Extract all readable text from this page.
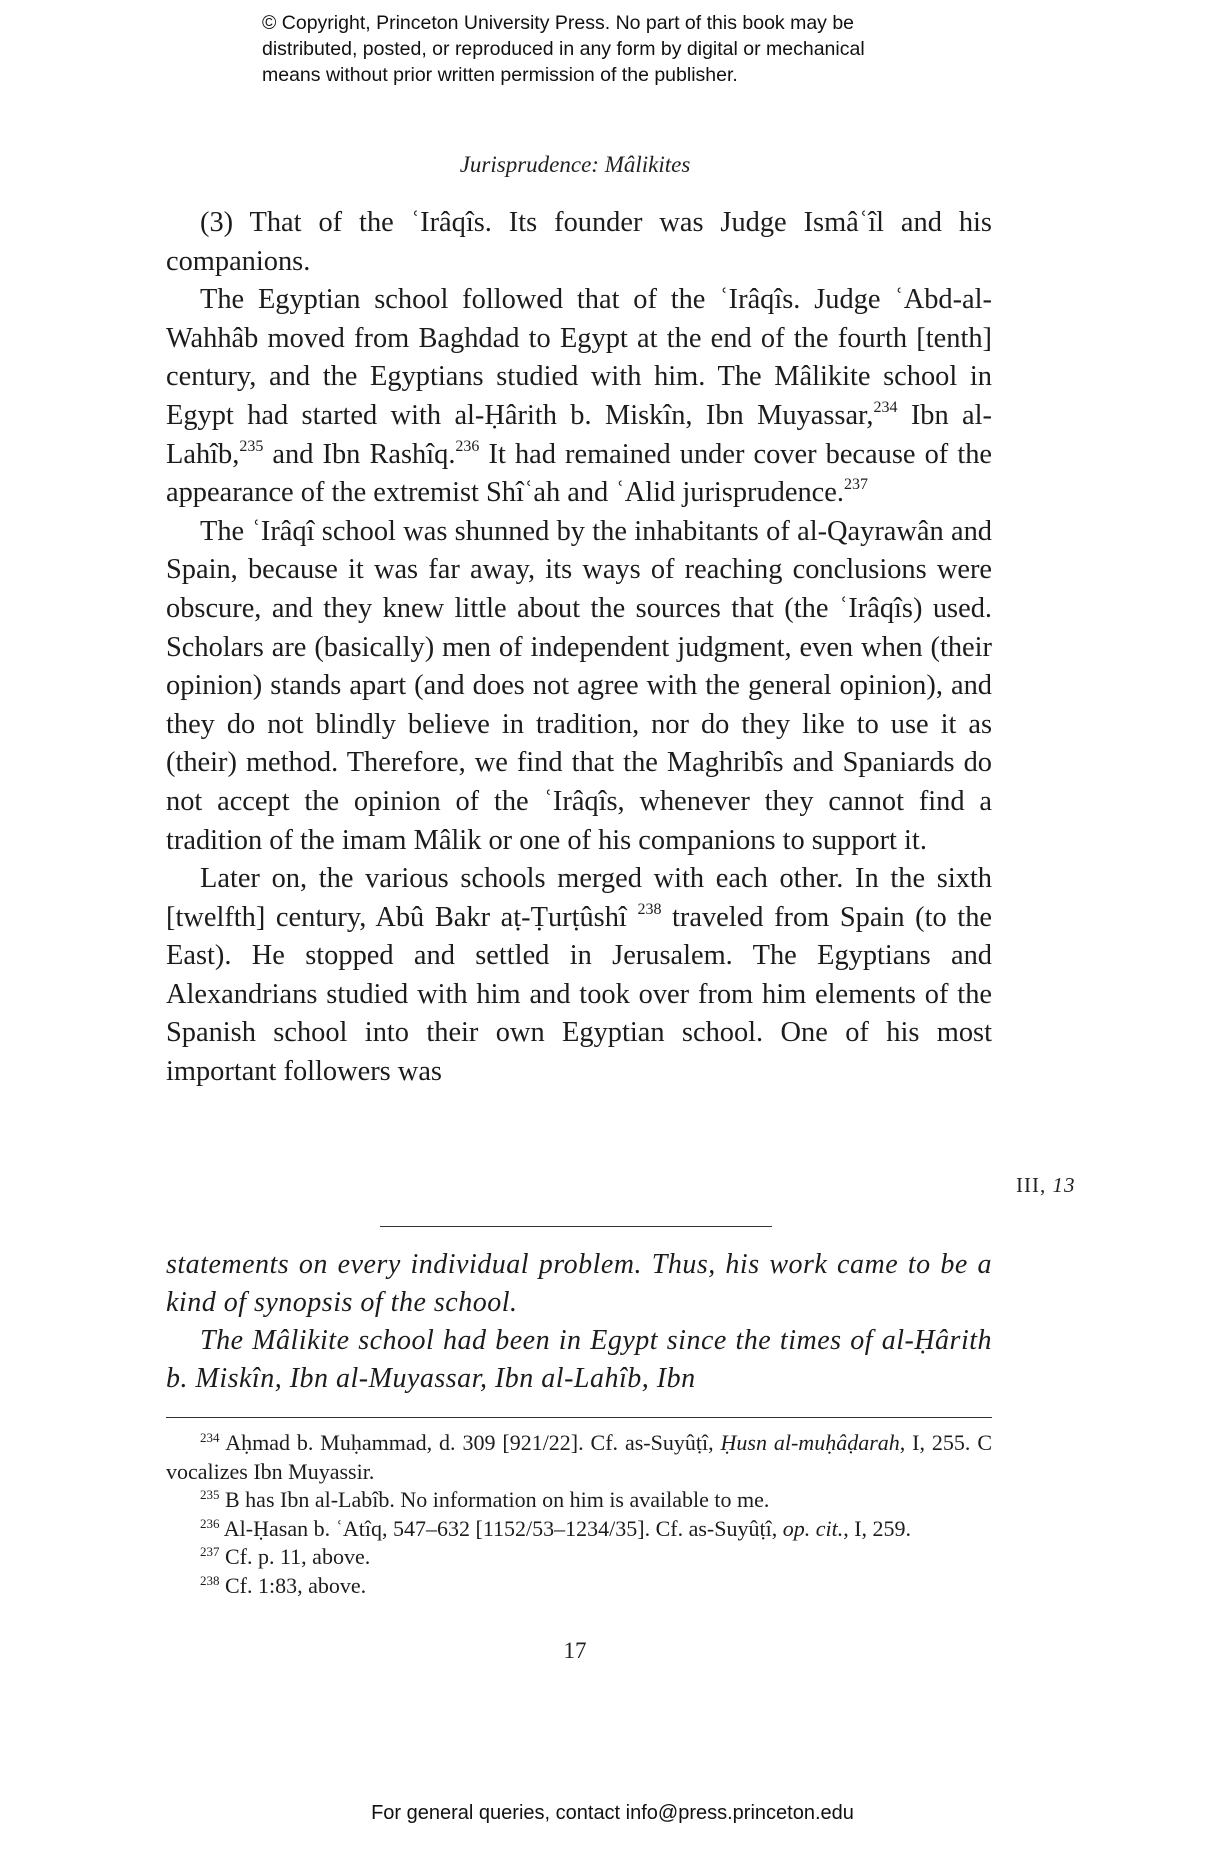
© Copyright, Princeton University Press. No part of this book may be

distributed, posted, or reproduced in any form by digital or mechanical

means without prior written permission of the publisher.

Jurisprudence: Mâlikites

(3) That of the ʿIrâqîs. Its founder was Judge Ismâʿîl and his companions.

The Egyptian school followed that of the ʿIrâqîs. Judge ʿAbd-al-Wahhâb moved from Baghdad to Egypt at the end of the fourth [tenth] century, and the Egyptians studied with him. The Mâlikite school in Egypt had started with al-Ḥârith b. Miskîn, Ibn Muyassar,$^{234}$ Ibn al-Lahîb,$^{235}$ and Ibn Rashîq.$^{236}$ It had remained under cover because of the appearance of the extremist Shîʿah and ʿAlid jurisprudence.$^{237}$

The ʿIrâqî school was shunned by the inhabitants of al-Qayrawân and Spain, because it was far away, its ways of reaching conclusions were obscure, and they knew little about the sources that (the ʿIrâqîs) used. Scholars are (basically) men of independent judgment, even when (their opinion) stands apart (and does not agree with the general opinion), and they do not blindly believe in tradition, nor do they like to use it as (their) method. Therefore, we find that the Maghribîs and Spaniards do not accept the opinion of the ʿIrâqîs, whenever they cannot find a tradition of the imam Mâlik or one of his companions to support it.

Later on, the various schools merged with each other. In the sixth [twelfth] century, Abû Bakr aṭ-Ṭurṭûshî $^{238}$ traveled from Spain (to the East). He stopped and settled in Jerusalem. The Egyptians and Alexandrians studied with him and took over from him elements of the Spanish school into their own Egyptian school. One of his most important followers was

III, 13

statements on every individual problem. Thus, his work came to be a kind of synopsis of the school.

The Mâlikite school had been in Egypt since the times of al-Ḥârith b. Miskîn, Ibn al-Muyassar, Ibn al-Lahîb, Ibn

$^{234}$ Aḥmad b. Muḥammad, d. 309 [921/22]. Cf. as-Suyûṭî, Ḥusn al-muḥâḍarah, I, 255. C vocalizes Ibn Muyassir.

$^{235}$ B has Ibn al-Labîb. No information on him is available to me.

$^{236}$ Al-Ḥasan b. ʿAtîq, 547–632 [1152/53–1234/35]. Cf. as-Suyûṭî, op. cit., I, 259.

$^{237}$ Cf. p. 11, above.

$^{238}$ Cf. 1:83, above.

17
For general queries, contact info@press.princeton.edu
